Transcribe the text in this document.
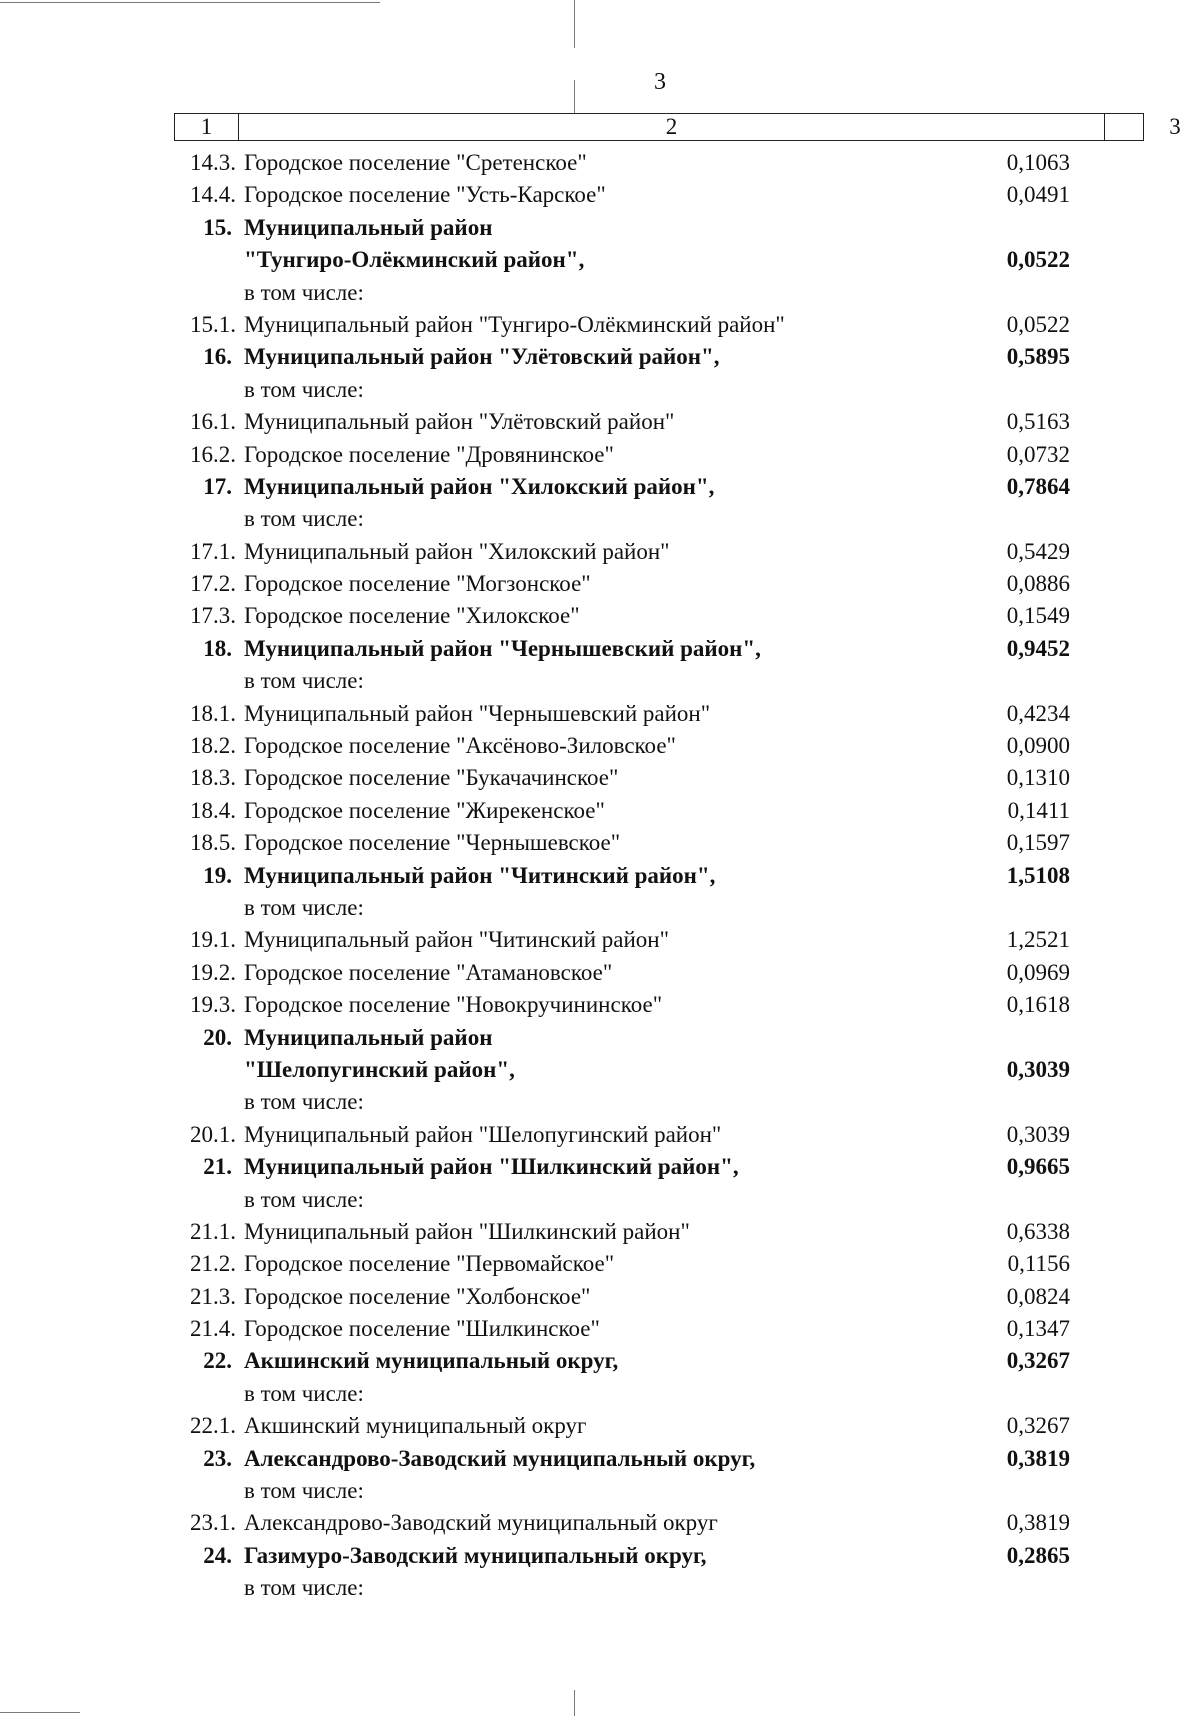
3
1	2	3
14.3. Городское поселение "Сретенское"	0,1063
14.4. Городское поселение "Усть-Карское"	0,0491
15. Муниципальный район
"Тунгиро-Олёкминский район",	0,0522
в том числе:
15.1. Муниципальный район "Тунгиро-Олёкминский район"	0,0522
16. Муниципальный район "Улётовский район",	0,5895
в том числе:
16.1. Муниципальный район "Улётовский район"	0,5163
16.2. Городское поселение "Дровянинское"	0,0732
17. Муниципальный район "Хилокский район",	0,7864
в том числе:
17.1. Муниципальный район "Хилокский район"	0,5429
17.2. Городское поселение "Могзонское"	0,0886
17.3. Городское поселение "Хилокское"	0,1549
18. Муниципальный район "Чернышевский район",	0,9452
в том числе:
18.1. Муниципальный район "Чернышевский район"	0,4234
18.2. Городское поселение "Аксёново-Зиловское"	0,0900
18.3. Городское поселение "Букачачинское"	0,1310
18.4. Городское поселение "Жирекенское"	0,1411
18.5. Городское поселение "Чернышевское"	0,1597
19. Муниципальный район "Читинский район",	1,5108
в том числе:
19.1. Муниципальный район "Читинский район"	1,2521
19.2. Городское поселение "Атамановское"	0,0969
19.3. Городское поселение "Новокручининское"	0,1618
20. Муниципальный район
"Шелопугинский район",	0,3039
в том числе:
20.1. Муниципальный район "Шелопугинский район"	0,3039
21. Муниципальный район "Шилкинский район",	0,9665
в том числе:
21.1. Муниципальный район "Шилкинский район"	0,6338
21.2. Городское поселение "Первомайское"	0,1156
21.3. Городское поселение "Холбонское"	0,0824
21.4. Городское поселение "Шилкинское"	0,1347
22. Акшинский муниципальный округ,	0,3267
в том числе:
22.1. Акшинский муниципальный округ	0,3267
23. Александрово-Заводский муниципальный округ,	0,3819
в том числе:
23.1. Александрово-Заводский муниципальный округ	0,3819
24. Газимуро-Заводский муниципальный округ,	0,2865
в том числе:
